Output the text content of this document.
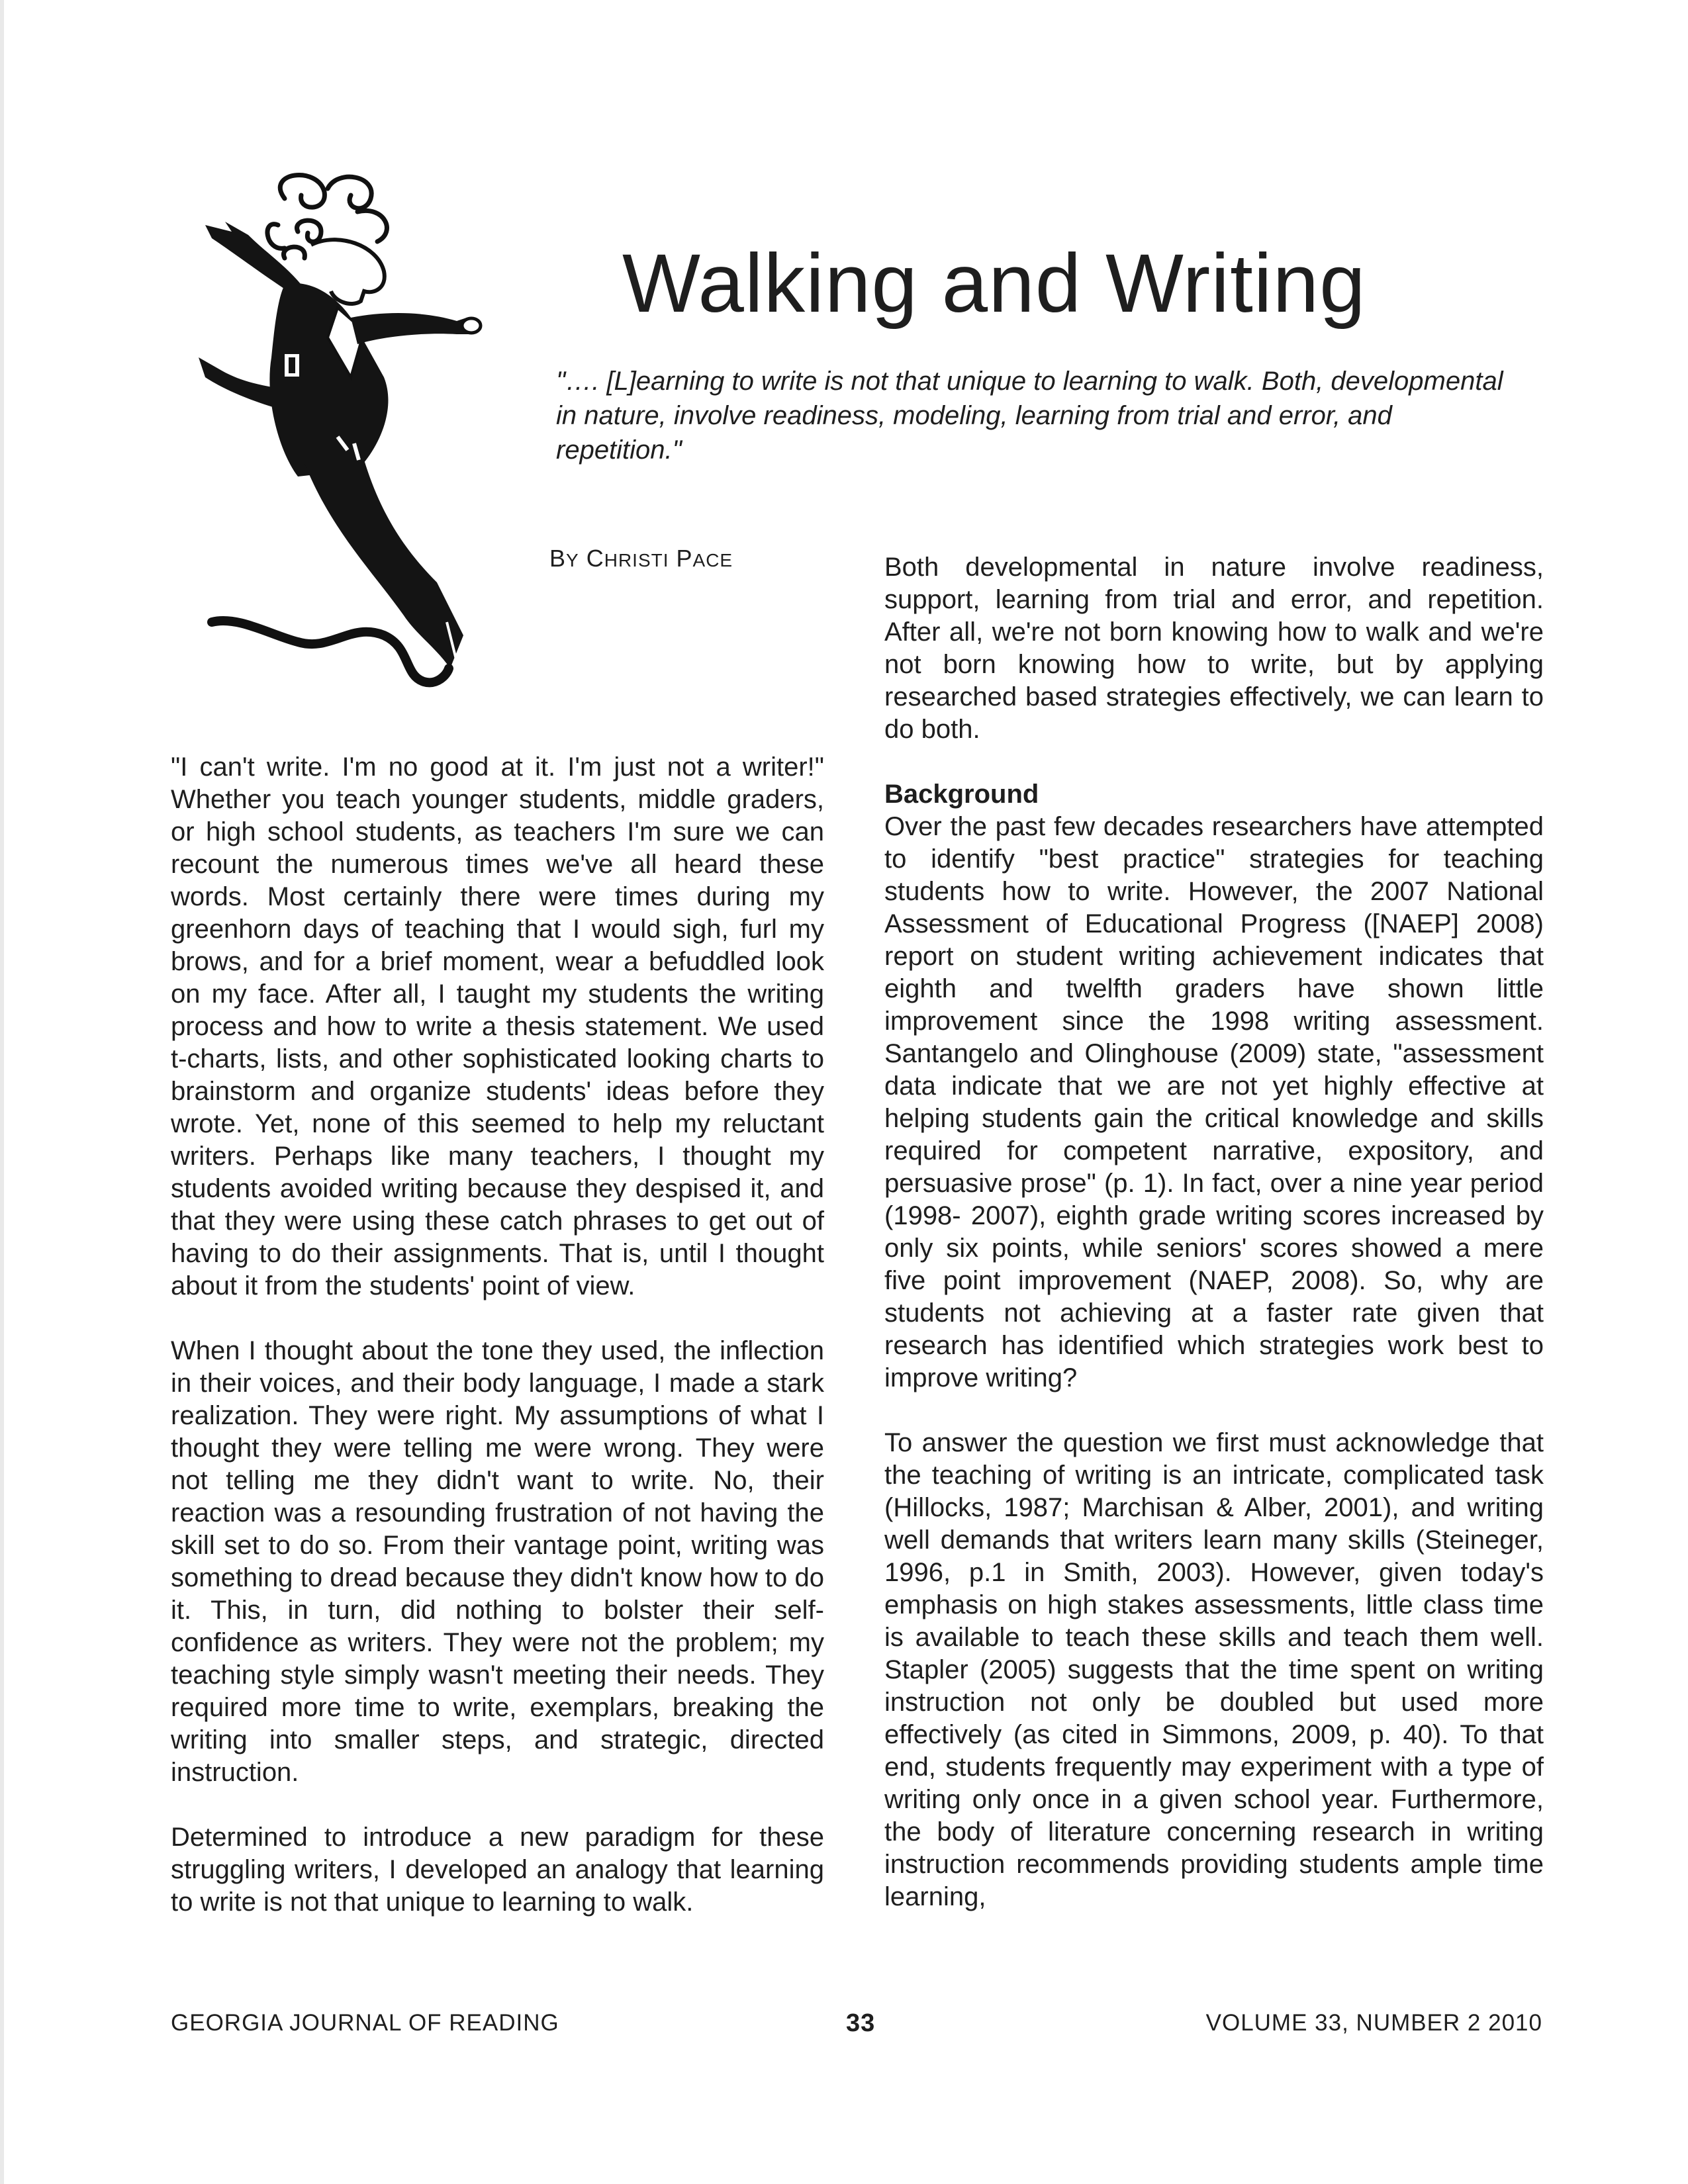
Walking and Writing

"…. [L]earning to write is not that unique to learning to walk. Both, developmental in nature, involve readiness, modeling, learning from trial and error, and repetition."

BY CHRISTI PACE

"I can't write. I'm no good at it. I'm just not a writer!" Whether you teach younger students, middle graders, or high school students, as teachers I'm sure we can recount the numerous times we've all heard these words. Most certainly there were times during my greenhorn days of teaching that I would sigh, furl my brows, and for a brief moment, wear a befuddled look on my face. After all, I taught my students the writing process and how to write a thesis statement. We used t-charts, lists, and other sophisticated looking charts to brainstorm and organize students' ideas before they wrote. Yet, none of this seemed to help my reluctant writers. Perhaps like many teachers, I thought my students avoided writing because they despised it, and that they were using these catch phrases to get out of having to do their assignments. That is, until I thought about it from the students' point of view.

When I thought about the tone they used, the inflection in their voices, and their body language, I made a stark realization. They were right. My assumptions of what I thought they were telling me were wrong. They were not telling me they didn't want to write. No, their reaction was a resounding frustration of not having the skill set to do so. From their vantage point, writing was something to dread because they didn't know how to do it. This, in turn, did nothing to bolster their self-confidence as writers. They were not the problem; my teaching style simply wasn't meeting their needs. They required more time to write, exemplars, breaking the writing into smaller steps, and strategic, directed instruction.

Determined to introduce a new paradigm for these struggling writers, I developed an analogy that learning to write is not that unique to learning to walk.

Both developmental in nature involve readiness, support, learning from trial and error, and repetition. After all, we're not born knowing how to walk and we're not born knowing how to write, but by applying researched based strategies effectively, we can learn to do both.

Background

Over the past few decades researchers have attempted to identify "best practice" strategies for teaching students how to write. However, the 2007 National Assessment of Educational Progress ([NAEP] 2008) report on student writing achievement indicates that eighth and twelfth graders have shown little improvement since the 1998 writing assessment. Santangelo and Olinghouse (2009) state, "assessment data indicate that we are not yet highly effective at helping students gain the critical knowledge and skills required for competent narrative, expository, and persuasive prose" (p. 1). In fact, over a nine year period (1998- 2007), eighth grade writing scores increased by only six points, while seniors' scores showed a mere five point improvement (NAEP, 2008). So, why are students not achieving at a faster rate given that research has identified which strategies work best to improve writing?

To answer the question we first must acknowledge that the teaching of writing is an intricate, complicated task (Hillocks, 1987; Marchisan & Alber, 2001), and writing well demands that writers learn many skills (Steineger, 1996, p.1 in Smith, 2003). However, given today's emphasis on high stakes assessments, little class time is available to teach these skills and teach them well. Stapler (2005) suggests that the time spent on writing instruction not only be doubled but used more effectively (as cited in Simmons, 2009, p. 40). To that end, students frequently may experiment with a type of writing only once in a given school year. Furthermore, the body of literature concerning research in writing instruction recommends providing students ample time learning,

GEORGIA JOURNAL OF READING	33	VOLUME 33, NUMBER 2 2010
